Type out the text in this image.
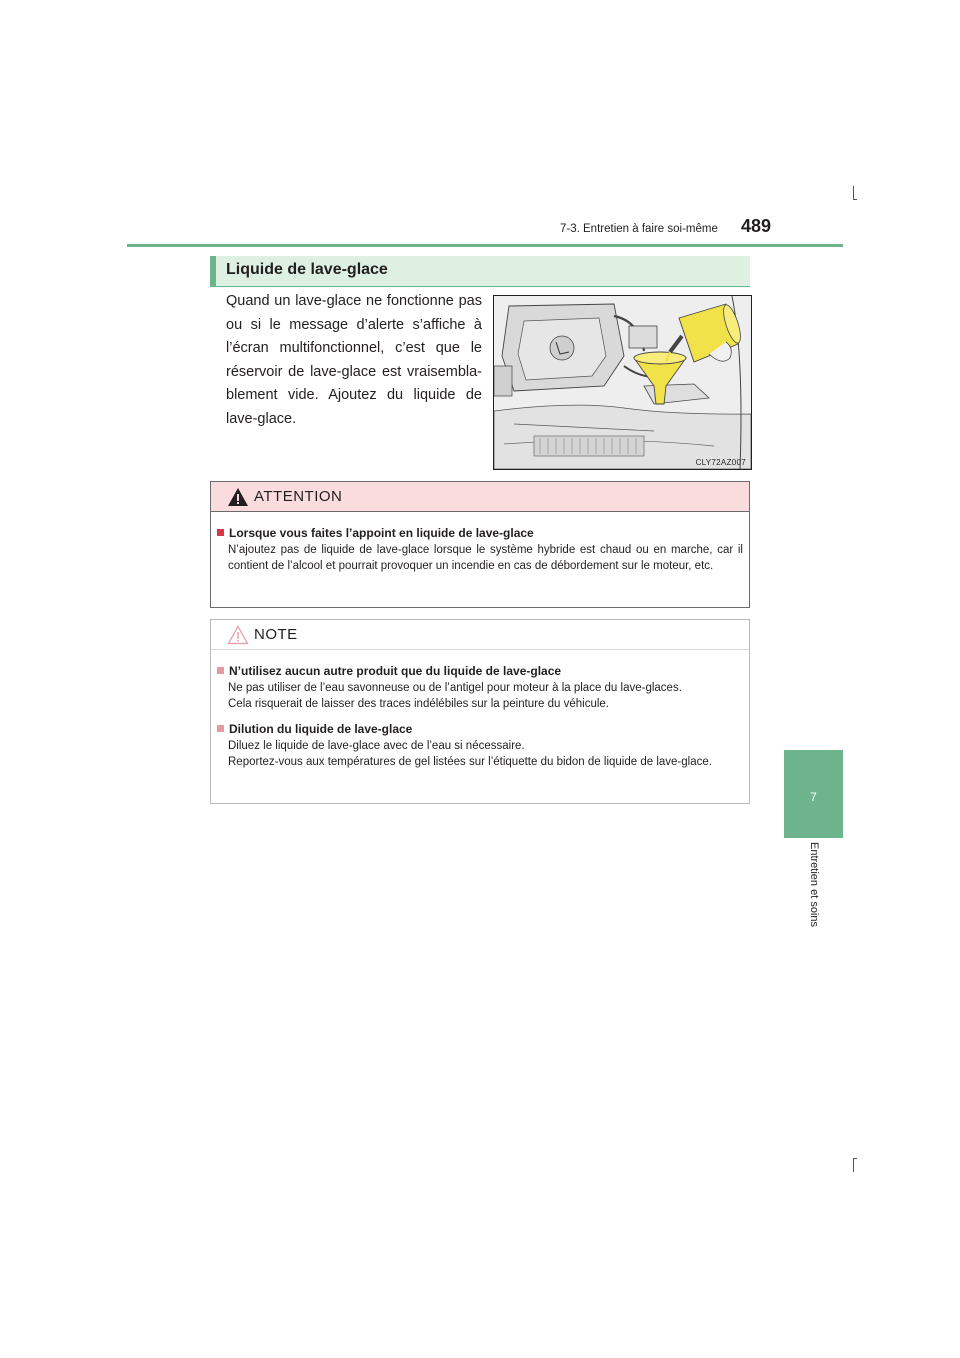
7-3. Entretien à faire soi-même 489
7
Entretien et soins
Liquide de lave-glace
Quand un lave-glace ne fonctionne pas ou si le message d’alerte s’affiche à l’écran multifonctionnel, c’est que le réservoir de lave-glace est vraisembla-blement vide. Ajoutez du liquide de lave-glace.
CLY72AZ007
ATTENTION
Lorsque vous faites l’appoint en liquide de lave-glace
N’ajoutez pas de liquide de lave-glace lorsque le système hybride est chaud ou en marche, car il contient de l’alcool et pourrait provoquer un incendie en cas de débordement sur le moteur, etc.
NOTE
N’utilisez aucun autre produit que du liquide de lave-glace
Ne pas utiliser de l’eau savonneuse ou de l’antigel pour moteur à la place du lave-glaces.
Cela risquerait de laisser des traces indélébiles sur la peinture du véhicule.
Dilution du liquide de lave-glace
Diluez le liquide de lave-glace avec de l’eau si nécessaire.
Reportez-vous aux températures de gel listées sur l’étiquette du bidon de liquide de lave-glace.
